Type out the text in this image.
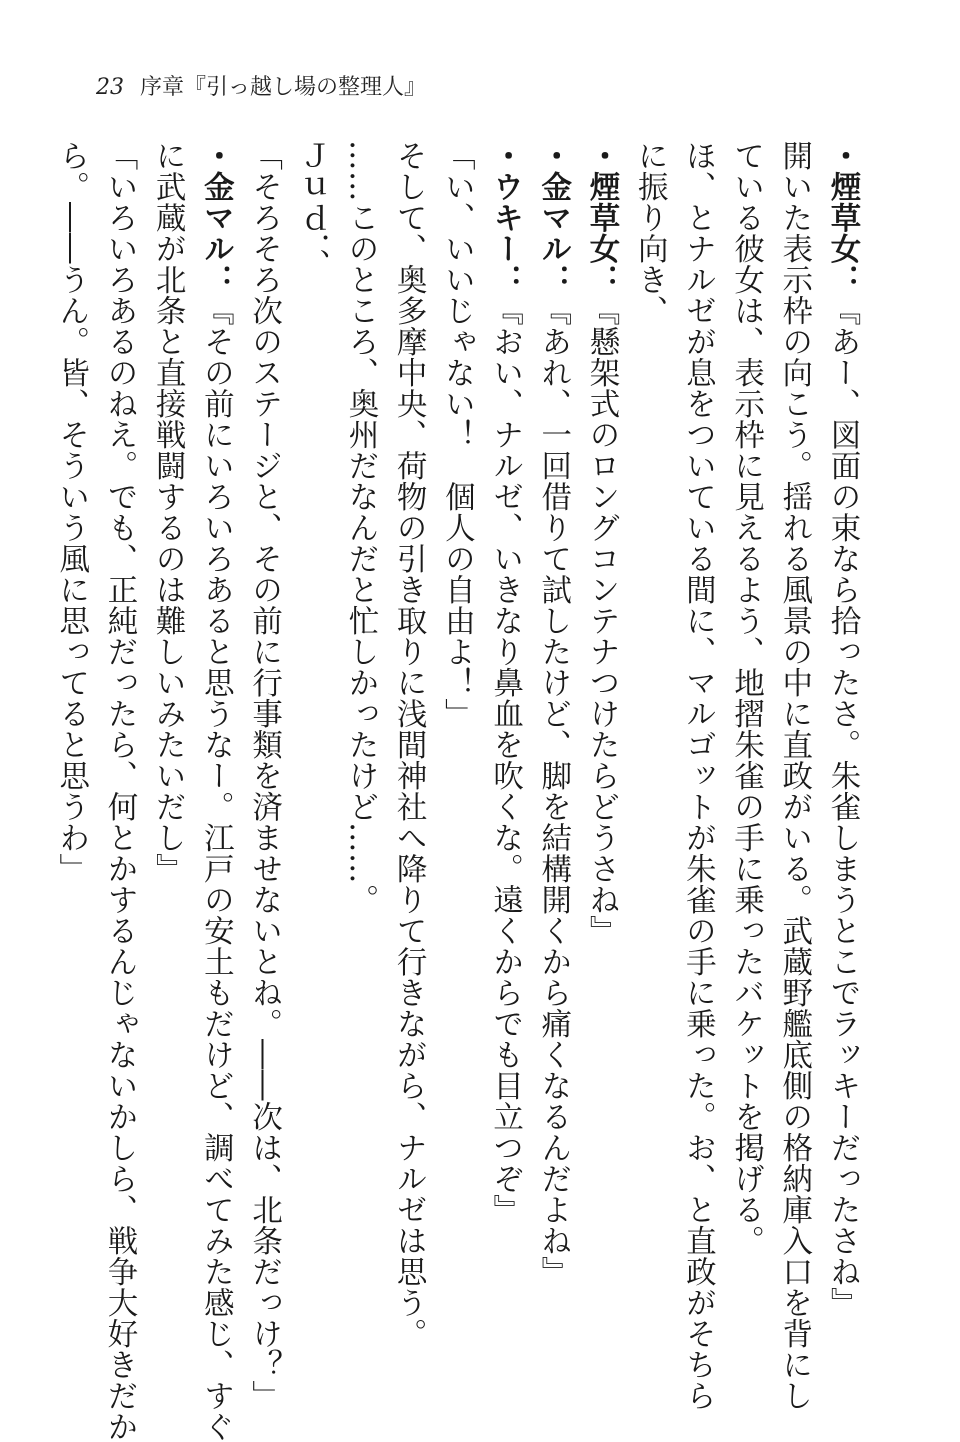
23 序章『引っ越し場の整理人』
・煙草女：『あー、図面の束なら拾ったさ。朱雀しまうとこでラッキーだったさね』
開いた表示枠の向こう。揺れる風景の中に直政がいる。武蔵野艦底側の格納庫入口を背にし
ている彼女は、表示枠に見えるよう、地摺朱雀の手に乗ったバケットを掲げる。
ほ、とナルゼが息をついている間に、マルゴットが朱雀の手に乗った。お、と直政がそちら
に振り向き、
・煙草女：『懸架式のロングコンテナつけたらどうさね』
・金マル：『あれ、一回借りて試したけど、脚を結構開くから痛くなるんだよね』
・ウキー：『おい、ナルゼ、いきなり鼻血を吹くな。遠くからでも目立つぞ』
「い、いいじゃない！　個人の自由よ！」
そして、奥多摩中央、荷物の引き取りに浅間神社へ降りて行きながら、ナルゼは思う。
……このところ、奥州だなんだと忙しかったけど……。
Ｊｕｄ．、
「そろそろ次のステージと、その前に行事類を済ませないとね。――次は、北条だっけ？」
・金マル：『その前にいろいろあると思うなー。江戸の安土もだけど、調べてみた感じ、すぐ
に武蔵が北条と直接戦闘するのは難しいみたいだし』
「いろいろあるのねえ。でも、正純だったら、何とかするんじゃないかしら、戦争大好きだか
ら。――うん。皆、そういう風に思ってると思うわ」
